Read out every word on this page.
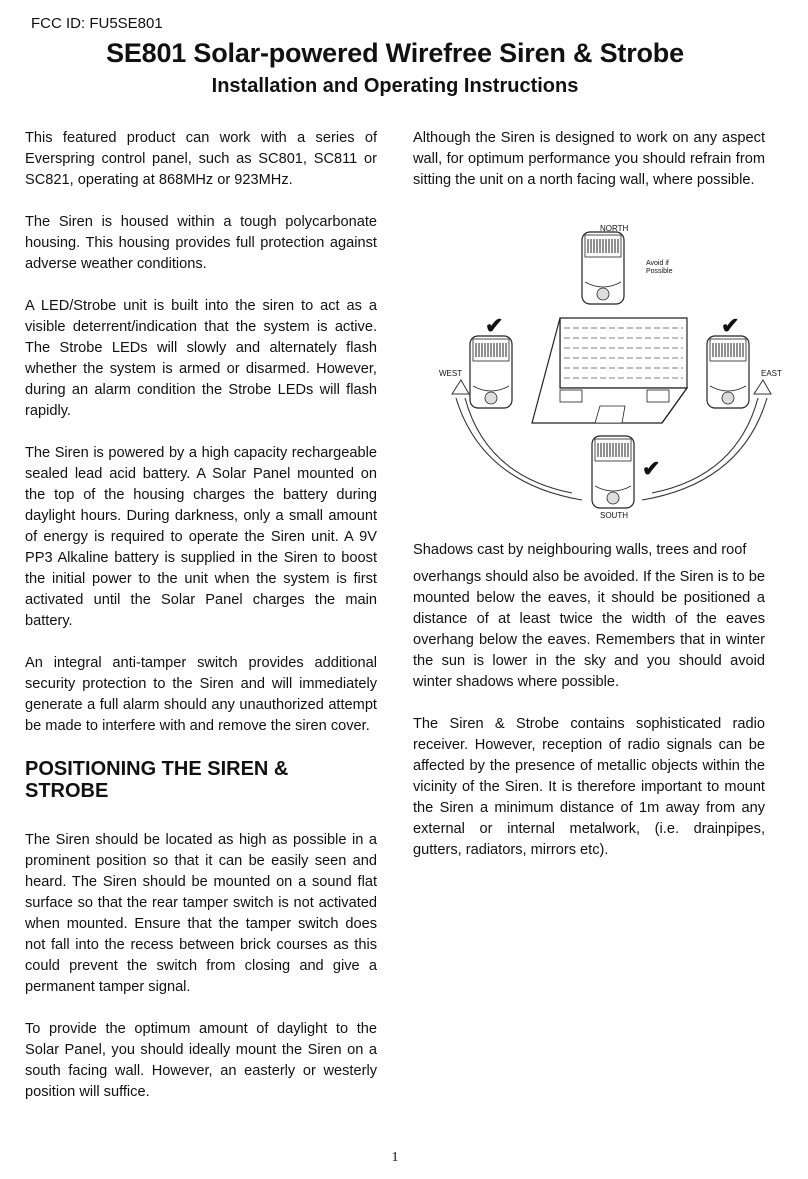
FCC ID: FU5SE801
SE801 Solar-powered Wirefree Siren & Strobe
Installation and Operating Instructions

This featured product can work with a series of Everspring control panel, such as SC801, SC811 or SC821, operating at 868MHz or 923MHz.

The Siren is housed within a tough polycarbonate housing. This housing provides full protection against adverse weather conditions.

A LED/Strobe unit is built into the siren to act as a visible deterrent/indication that the system is active. The Strobe LEDs will slowly and alternately flash whether the system is armed or disarmed. However, during an alarm condition the Strobe LEDs will flash rapidly.

The Siren is powered by a high capacity rechargeable sealed lead acid battery. A Solar Panel mounted on the top of the housing charges the battery during daylight hours. During darkness, only a small amount of energy is required to operate the Siren unit. A 9V PP3 Alkaline battery is supplied in the Siren to boost the initial power to the unit when the system is first activated until the Solar Panel charges the main battery.

An integral anti-tamper switch provides additional security protection to the Siren and will immediately generate a full alarm should any unauthorized attempt be made to interfere with and remove the siren cover.

POSITIONING THE SIREN & STROBE

The Siren should be located as high as possible in a prominent position so that it can be easily seen and heard. The Siren should be mounted on a sound flat surface so that the rear tamper switch is not activated when mounted. Ensure that the tamper switch does not fall into the recess between brick courses as this could prevent the switch from closing and give a permanent tamper signal.

To provide the optimum amount of daylight to the Solar Panel, you should ideally mount the Siren on a south facing wall. However, an easterly or westerly position will suffice.

Although the Siren is designed to work on any aspect wall, for optimum performance you should refrain from sitting the unit on a north facing wall, where possible.

NORTH
Avoid if
Possible
WEST	EAST
SOUTH
✔	✔
✔

Shadows cast by neighbouring walls, trees and roof

overhangs should also be avoided. If the Siren is to be mounted below the eaves, it should be positioned a distance of at least twice the width of the eaves overhang below the eaves. Remembers that in winter the sun is lower in the sky and you should avoid winter shadows where possible.

The Siren & Strobe contains sophisticated radio receiver. However, reception of radio signals can be affected by the presence of metallic objects within the vicinity of the Siren. It is therefore important to mount the Siren a minimum distance of 1m away from any external or internal metalwork, (i.e. drainpipes, gutters, radiators, mirrors etc).

1
